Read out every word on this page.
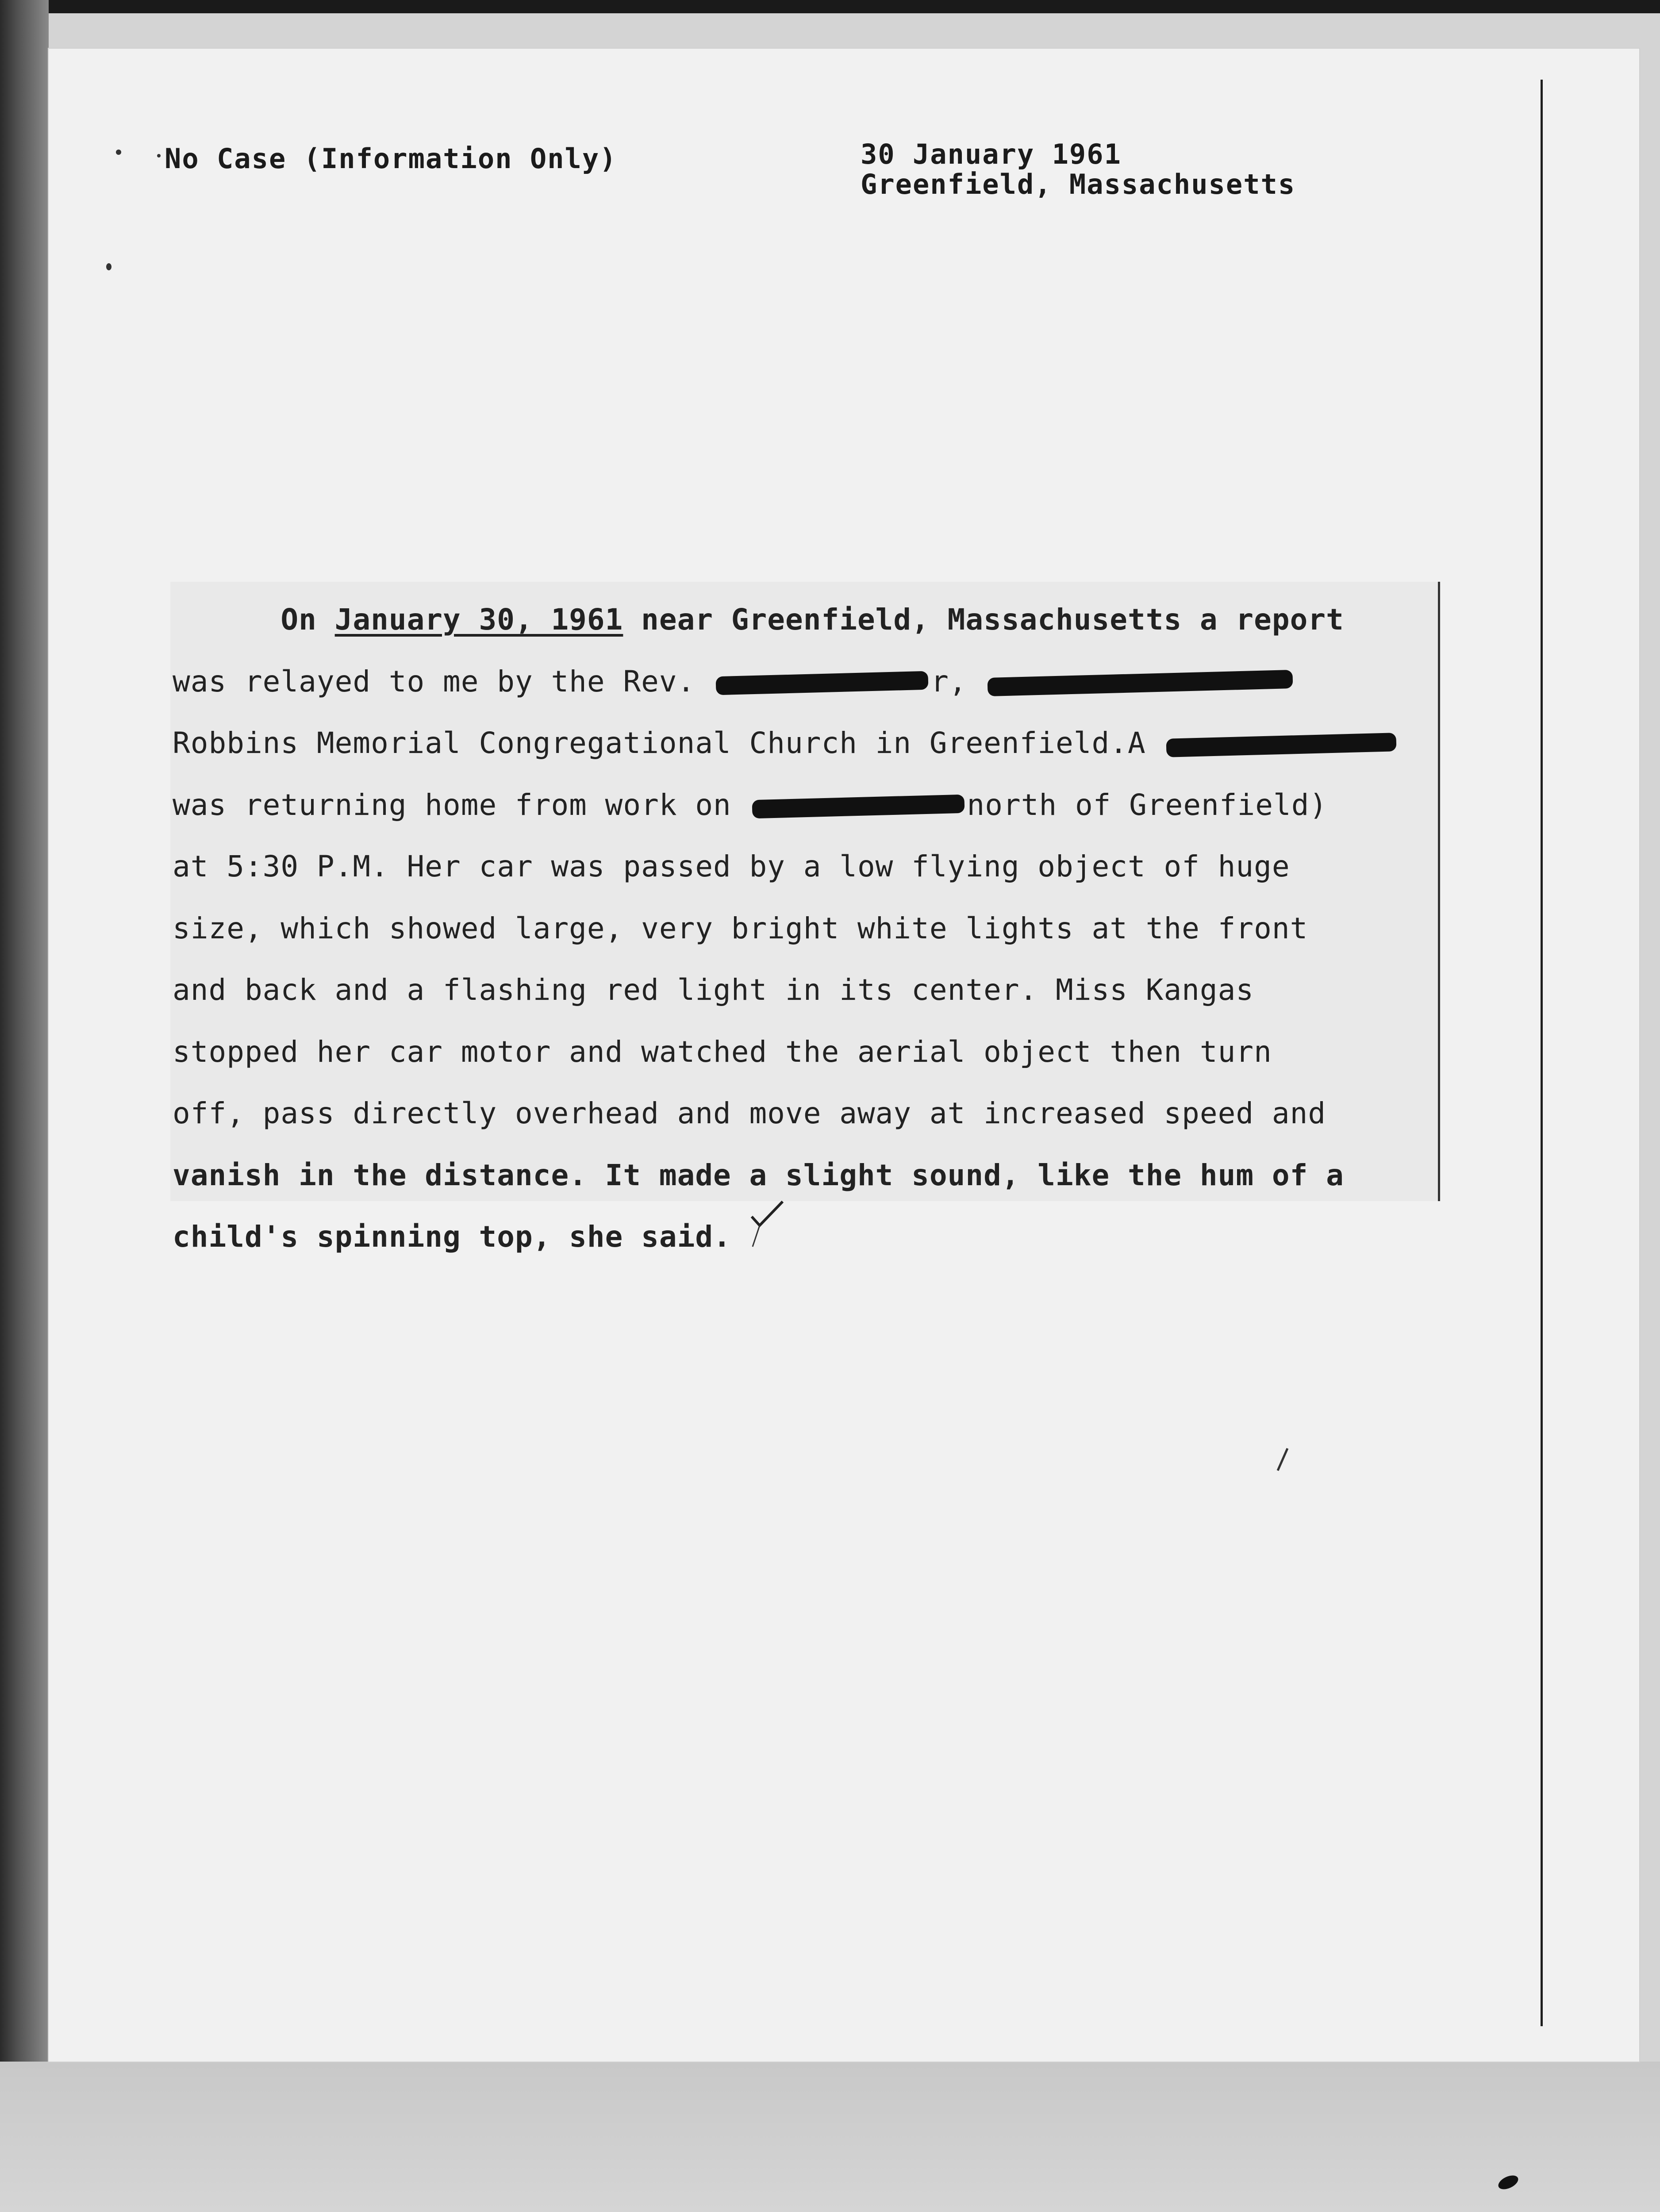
No Case (Information Only)	30 January 1961
Greenfield, Massachusetts
On January 30, 1961 near Greenfield, Massachusetts a report
was relayed to me by the Rev.	r,
Robbins Memorial Congregational Church in Greenfield.A
was returning home from work on	north of Greenfield)
at 5:30 P.M. Her car was passed by a low flying object of huge
size, which showed large, very bright white lights at the front
and back and a flashing red light in its center. Miss Kangas
stopped her car motor and watched the aerial object then turn
off, pass directly overhead and move away at increased speed and
vanish in the distance. It made a slight sound, like the hum of a
child's spinning top, she said.
